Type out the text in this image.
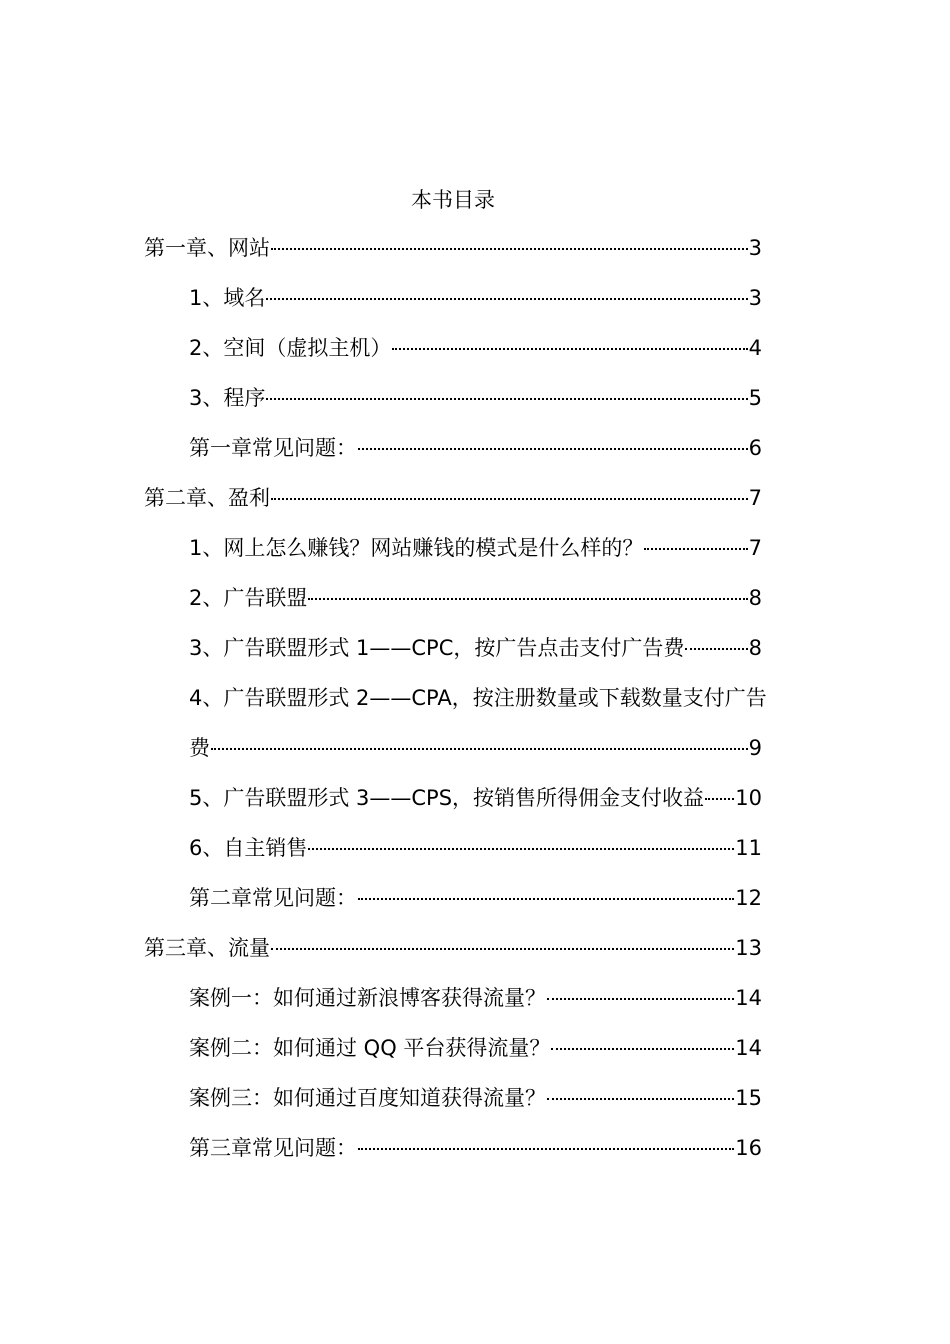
本书目录
第一章、网站	3
1、域名	3
2、空间（虚拟主机）	4
3、程序	5
第一章常见问题：	6
第二章、盈利	7
1、网上怎么赚钱？网站赚钱的模式是什么样的？	7
2、广告联盟	8
3、广告联盟形式 1——CPC，按广告点击支付广告费	8
4、广告联盟形式 2——CPA，按注册数量或下载数量支付广告
费	9
5、广告联盟形式 3——CPS，按销售所得佣金支付收益 10
6、自主销售	11
第二章常见问题：	12
第三章、流量	13
案例一：如何通过新浪博客获得流量？	14
案例二：如何通过 QQ 平台获得流量？	14
案例三：如何通过百度知道获得流量？	15
第三章常见问题：	16
